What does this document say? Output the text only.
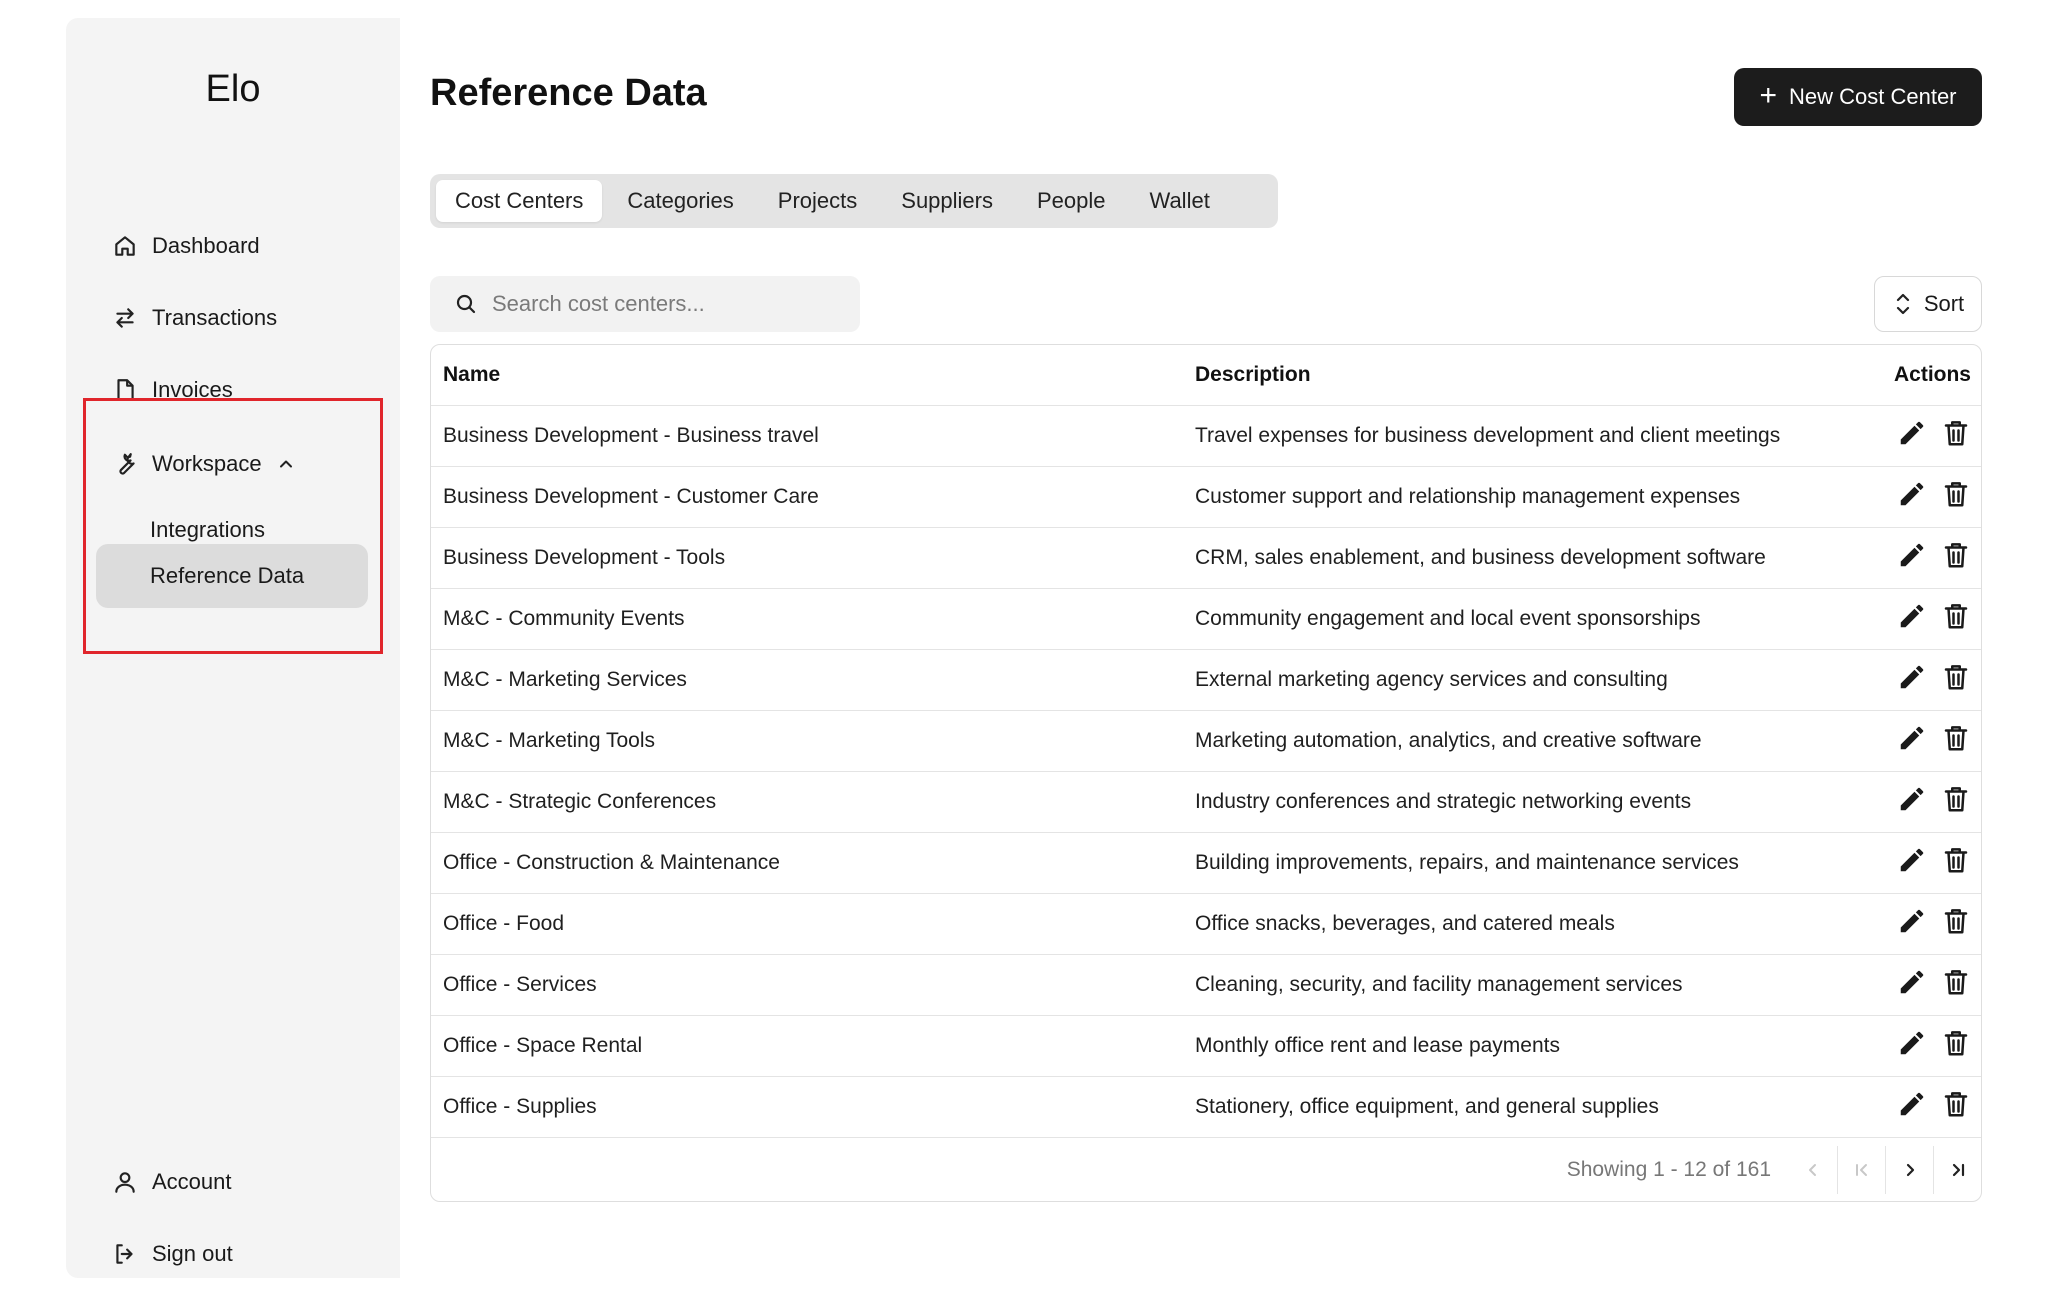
Elo
Dashboard
Transactions
Invoices
Workspace
Integrations
Reference Data
Account
Sign out
Reference Data	+ New Cost Center
Cost Centers	Categories	Projects	Suppliers	People	Wallet
Search cost centers...
Sort
Name	Description	Actions
Business Development - Business travel	Travel expenses for business development and client meetings	

Business Development - Customer Care	Customer support and relationship management expenses	

Business Development - Tools	CRM, sales enablement, and business development software	

M&C - Community Events	Community engagement and local event sponsorships	

M&C - Marketing Services	External marketing agency services and consulting	

M&C - Marketing Tools	Marketing automation, analytics, and creative software	

M&C - Strategic Conferences	Industry conferences and strategic networking events	

Office - Construction & Maintenance	Building improvements, repairs, and maintenance services	

Office - Food	Office snacks, beverages, and catered meals	

Office - Services	Cleaning, security, and facility management services	

Office - Space Rental	Monthly office rent and lease payments	

Office - Supplies	Stationery, office equipment, and general supplies	
Showing 1 - 12 of 161
